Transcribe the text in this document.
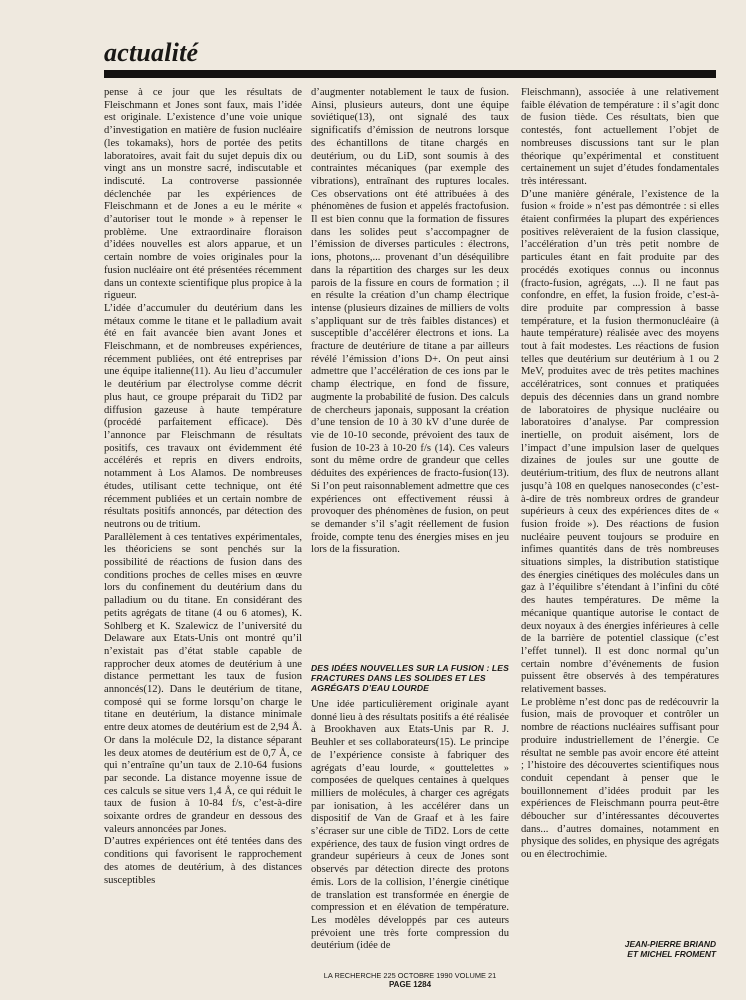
actualité

pense à ce jour que les résultats de Fleischmann et Jones sont faux, mais l’idée est originale. L’existence d’une voie unique d’investigation en matière de fusion nucléaire (les tokamaks), hors de portée des petits laboratoires, avait fait du sujet depuis dix ou vingt ans un monstre sacré, indiscutable et indiscuté. La controverse passionnée déclenchée par les expériences de Fleischmann et de Jones a eu le mérite « d’autoriser tout le monde » à repenser le problème. Une extraordinaire floraison d’idées nouvelles est alors apparue, et un certain nombre de voies originales pour la fusion nucléaire ont été présentées récemment dans un contexte scientifique plus propice à la rigueur.

L’idée d’accumuler du deutérium dans les métaux comme le titane et le palladium avait été en fait avancée bien avant Jones et Fleischmann, et de nombreuses expériences, récemment publiées, ont été entreprises par une équipe italienne(11). Au lieu d’accumuler le deutérium par électrolyse comme décrit plus haut, ce groupe préparait du TiD2 par diffusion gazeuse à haute température (procédé parfaitement efficace). Dès l’annonce par Fleischmann de résultats positifs, ces travaux ont évidemment été accélérés et repris en divers endroits, notamment à Los Alamos. De nombreuses études, utilisant cette technique, ont été récemment publiées et un certain nombre de résultats positifs annoncés, par détection des neutrons ou de tritium.

Parallèlement à ces tentatives expérimentales, les théoriciens se sont penchés sur la possibilité de réactions de fusion dans des conditions proches de celles mises en œuvre lors du confinement du deutérium dans du palladium ou du titane. En considérant des petits agrégats de titane (4 ou 6 atomes), K. Sohlberg et K. Szalewicz de l’université du Delaware aux Etats-Unis ont montré qu’il n’existait pas d’état stable capable de rapprocher deux atomes de deutérium à une distance permettant les taux de fusion annoncés(12). Dans le deutérium de titane, composé qui se forme lorsqu’on charge le titane en deutérium, la distance minimale entre deux atomes de deutérium est de 2,94 Å. Or dans la molécule D2, la distance séparant les deux atomes de deutérium est de 0,7 Å, ce qui n’entraîne qu’un taux de 2.10-64 fusions par seconde. La distance moyenne issue de ces calculs se situe vers 1,4 Å, ce qui réduit le taux de fusion à 10-84 f/s, c’est-à-dire soixante ordres de grandeur en dessous des valeurs annoncées par Jones.

D’autres expériences ont été tentées dans des conditions qui favorisent le rapprochement des atomes de deutérium, à des distances susceptibles

d’augmenter notablement le taux de fusion. Ainsi, plusieurs auteurs, dont une équipe soviétique(13), ont signalé des taux significatifs d’émission de neutrons lorsque des échantillons de titane chargés en deutérium, ou du LiD, sont soumis à des contraintes mécaniques (par exemple des vibrations), entraînant des ruptures locales. Ces observations ont été attribuées à des phénomènes de fusion et appelés fractofusion. Il est bien connu que la formation de fissures dans les solides peut s’accompagner de l’émission de diverses particules : électrons, ions, photons,... provenant d’un déséquilibre dans la répartition des charges sur les deux parois de la fissure en cours de formation ; il en résulte la création d’un champ électrique intense (plusieurs dizaines de milliers de volts s’appliquant sur de très faibles distances) et susceptible d’accélérer électrons et ions. La fracture de deutériure de titane a par ailleurs révélé l’émission d’ions D+. On peut ainsi admettre que l’accélération de ces ions par le champ électrique, en fond de fissure, augmente la probabilité de fusion. Des calculs de chercheurs japonais, supposant la création d’une tension de 10 à 30 kV d’une durée de vie de 10-10 seconde, prévoient des taux de fusion de 10-23 à 10-20 f/s (14). Ces valeurs sont du même ordre de grandeur que celles déduites des expériences de fracto-fusion(13). Si l’on peut raisonnablement admettre que ces expériences ont effectivement réussi à provoquer des phénomènes de fusion, on peut se demander s’il s’agit réellement de fusion froide, compte tenu des énergies mises en jeu lors de la fissuration.

DES IDÉES NOUVELLES SUR LA FUSION : LES FRACTURES DANS LES SOLIDES ET LES AGRÉGATS D’EAU LOURDE

Une idée particulièrement originale ayant donné lieu à des résultats positifs a été réalisée à Brookhaven aux Etats-Unis par R. J. Beuhler et ses collaborateurs(15). Le principe de l’expérience consiste à fabriquer des agrégats d’eau lourde, « gouttelettes » composées de quelques centaines à quelques milliers de molécules, à charger ces agrégats par ionisation, à les accélérer dans un dispositif de Van de Graaf et à les faire s’écraser sur une cible de TiD2. Lors de cette expérience, des taux de fusion vingt ordres de grandeur supérieurs à ceux de Jones sont observés par détection directe des protons émis. Lors de la collision, l’énergie cinétique de translation est transformée en énergie de compression et en élévation de température. Les modèles développés par ces auteurs prévoient une très forte compression du deutérium (idée de

Fleischmann), associée à une relativement faible élévation de température : il s’agit donc de fusion tiède. Ces résultats, bien que contestés, font actuellement l’objet de nombreuses discussions tant sur le plan théorique qu’expérimental et constituent certainement un sujet d’études fondamentales très intéressant.

D’une manière générale, l’existence de la fusion « froide » n’est pas démontrée : si elles étaient confirmées la plupart des expériences positives relèveraient de la fusion classique, l’accélération d’un très petit nombre de particules étant en fait produite par des procédés exotiques connus ou inconnus (fracto-fusion, agrégats, ...). Il ne faut pas confondre, en effet, la fusion froide, c’est-à-dire produite par compression à basse température, et la fusion thermonucléaire (à haute température) réalisée avec des moyens tout à fait modestes. Les réactions de fusion telles que deutérium sur deutérium à 1 ou 2 MeV, produites avec de très petites machines accélératrices, sont connues et pratiquées depuis des décennies dans un grand nombre de laboratoires de physique nucléaire ou laboratoires d’analyse. Par compression inertielle, on produit aisément, lors de l’impact d’une impulsion laser de quelques dizaines de joules sur une goutte de deutérium-tritium, des flux de neutrons allant jusqu’à 108 en quelques nanosecondes (c’est-à-dire de très nombreux ordres de grandeur supérieurs à ceux des expériences dites de « fusion froide »). Des réactions de fusion nucléaire peuvent toujours se produire en infimes quantités dans de très nombreuses situations simples, la distribution statistique des énergies cinétiques des molécules dans un gaz à l’équilibre s’étendant à l’infini du côté des hautes températures. De même la mécanique quantique autorise le contact de deux noyaux à des énergies inférieures à celle de la barrière de potentiel classique (c’est l’effet tunnel). Il est donc normal qu’un certain nombre d’événements de fusion puissent être observés à des températures relativement basses.

Le problème n’est donc pas de redécouvrir la fusion, mais de provoquer et contrôler un nombre de réactions nucléaires suffisant pour produire industriellement de l’énergie. Ce résultat ne semble pas avoir encore été atteint ; l’histoire des découvertes scientifiques nous conduit cependant à penser que le bouillonnement d’idées produit par les expériences de Fleischmann pourra peut-être déboucher sur d’intéressantes découvertes dans... d’autres domaines, notamment en physique des solides, en physique des agrégats ou en électrochimie.

JEAN-PIERRE BRIAND
ET MICHEL FROMENT
LA RECHERCHE 225 OCTOBRE 1990 VOLUME 21
PAGE 1284
